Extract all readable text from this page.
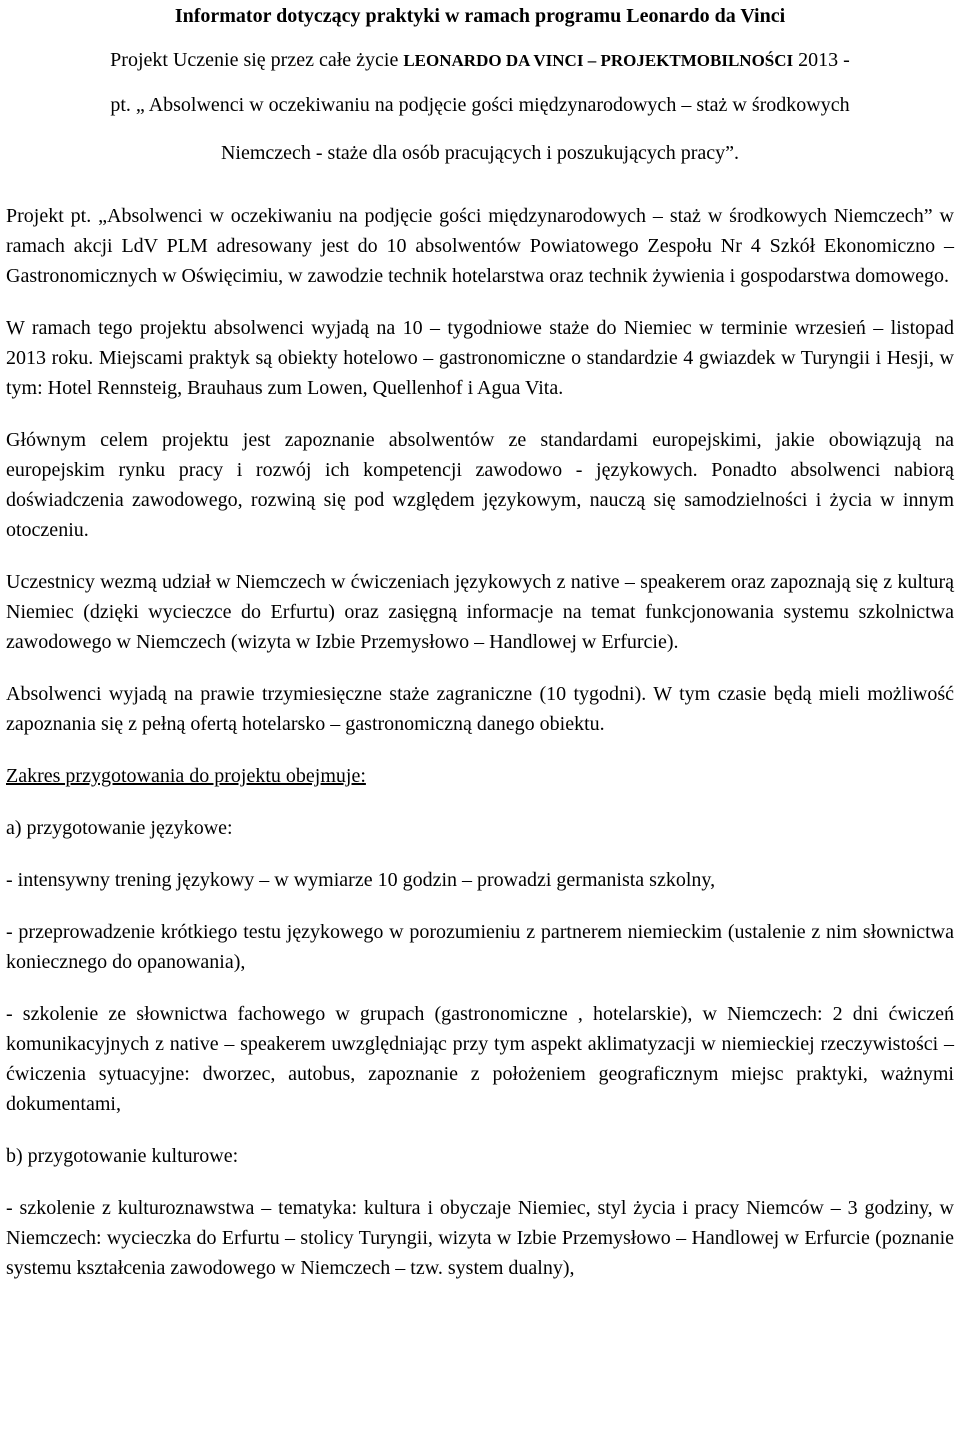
Informator dotyczący praktyki w ramach programu Leonardo da Vinci
Projekt Uczenie się przez całe życie LEONARDO DA VINCI – PROJEKTMOBILNOŚCI 2013 -
pt. „ Absolwenci w oczekiwaniu na podjęcie gości międzynarodowych – staż w środkowych
Niemczech - staże dla osób pracujących i poszukujących pracy”.

Projekt pt. „Absolwenci w oczekiwaniu na podjęcie gości międzynarodowych – staż w środkowych Niemczech” w ramach akcji LdV PLM adresowany jest do 10 absolwentów Powiatowego Zespołu Nr 4 Szkół Ekonomiczno – Gastronomicznych w Oświęcimiu, w zawodzie technik hotelarstwa oraz technik żywienia i gospodarstwa domowego.

W ramach tego projektu absolwenci wyjadą na 10 – tygodniowe staże do Niemiec w terminie wrzesień – listopad 2013 roku. Miejscami praktyk są obiekty hotelowo – gastronomiczne o standardzie 4 gwiazdek w Turyngii i Hesji, w tym: Hotel Rennsteig, Brauhaus zum Lowen, Quellenhof i Agua Vita.

Głównym celem projektu jest zapoznanie absolwentów ze standardami europejskimi, jakie obowiązują na europejskim rynku pracy i rozwój ich kompetencji zawodowo - językowych. Ponadto absolwenci nabiorą doświadczenia zawodowego, rozwiną się pod względem językowym, nauczą się samodzielności i życia w innym otoczeniu.

Uczestnicy wezmą udział w Niemczech w ćwiczeniach językowych z native – speakerem oraz zapoznają się z kulturą Niemiec (dzięki wycieczce do Erfurtu) oraz zasięgną informacje na temat funkcjonowania systemu szkolnictwa zawodowego w Niemczech (wizyta w Izbie Przemysłowo – Handlowej w Erfurcie).

Absolwenci wyjadą na prawie trzymiesięczne staże zagraniczne (10 tygodni). W tym czasie będą mieli możliwość zapoznania się z pełną ofertą hotelarsko – gastronomiczną danego obiektu.

Zakres przygotowania do projektu obejmuje:

a) przygotowanie językowe:

- intensywny trening językowy – w wymiarze 10 godzin – prowadzi germanista szkolny,

- przeprowadzenie krótkiego testu językowego w porozumieniu z partnerem niemieckim (ustalenie z nim słownictwa koniecznego do opanowania),

- szkolenie ze słownictwa fachowego w grupach (gastronomiczne , hotelarskie), w Niemczech: 2 dni ćwiczeń komunikacyjnych z native – speakerem uwzględniając przy tym aspekt aklimatyzacji w niemieckiej rzeczywistości – ćwiczenia sytuacyjne: dworzec, autobus, zapoznanie z położeniem geograficznym miejsc praktyki, ważnymi dokumentami,

b) przygotowanie kulturowe:

- szkolenie z kulturoznawstwa – tematyka: kultura i obyczaje Niemiec, styl życia i pracy Niemców – 3 godziny, w Niemczech: wycieczka do Erfurtu – stolicy Turyngii, wizyta w Izbie Przemysłowo – Handlowej w Erfurcie (poznanie systemu kształcenia zawodowego w Niemczech – tzw. system dualny),
